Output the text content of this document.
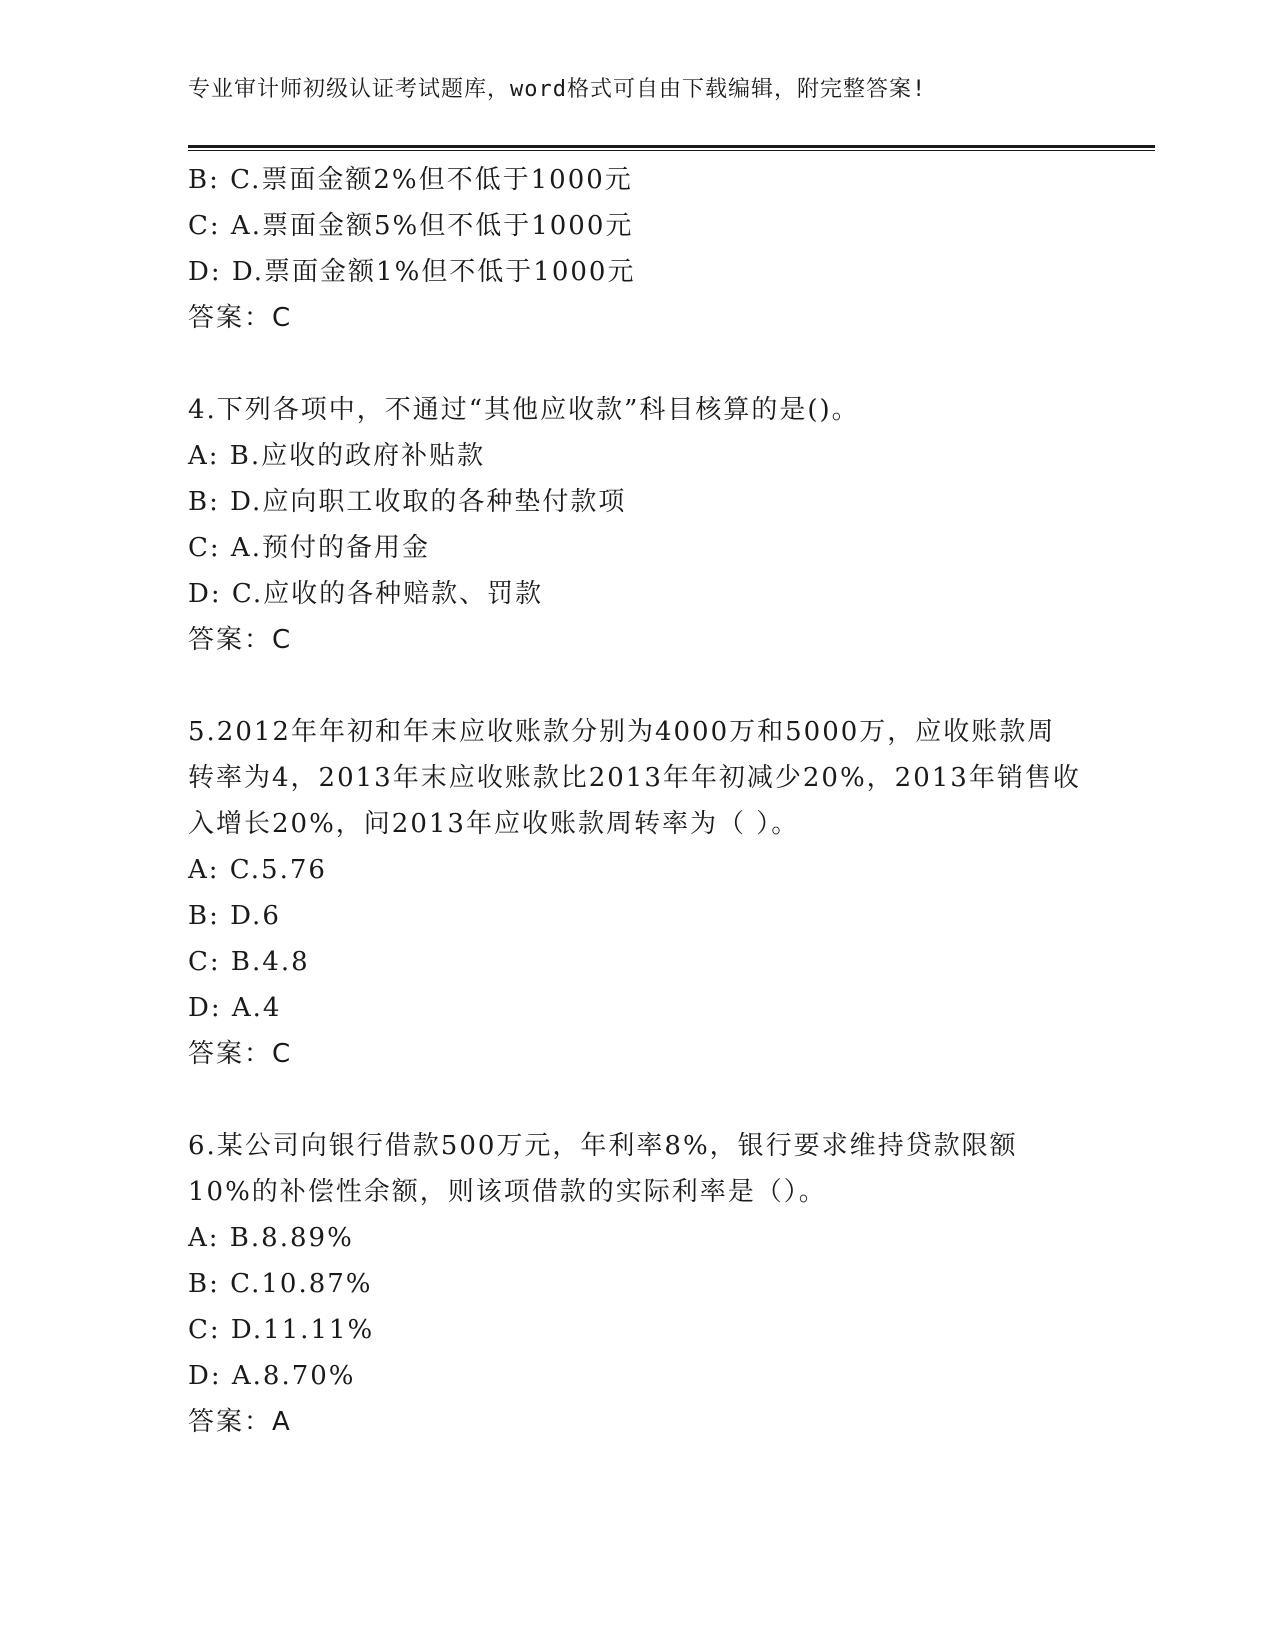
专业审计师初级认证考试题库，word格式可自由下载编辑，附完整答案!
B: C.票面金额2%但不低于1000元
C: A.票面金额5%但不低于1000元
D: D.票面金额1%但不低于1000元
答案：C
4.下列各项中，不通过“其他应收款”科目核算的是()。
A: B.应收的政府补贴款
B: D.应向职工收取的各种垫付款项
C: A.预付的备用金
D: C.应收的各种赔款、罚款
答案：C
5.2012年年初和年末应收账款分别为4000万和5000万，应收账款周
转率为4，2013年末应收账款比2013年年初减少20%，2013年销售收
入增长20%，问2013年应收账款周转率为（ ）。
A: C.5.76
B: D.6
C: B.4.8
D: A.4
答案：C
6.某公司向银行借款500万元，年利率8%，银行要求维持贷款限额
10%的补偿性余额，则该项借款的实际利率是（）。
A: B.8.89%
B: C.10.87%
C: D.11.11%
D: A.8.70%
答案：A
